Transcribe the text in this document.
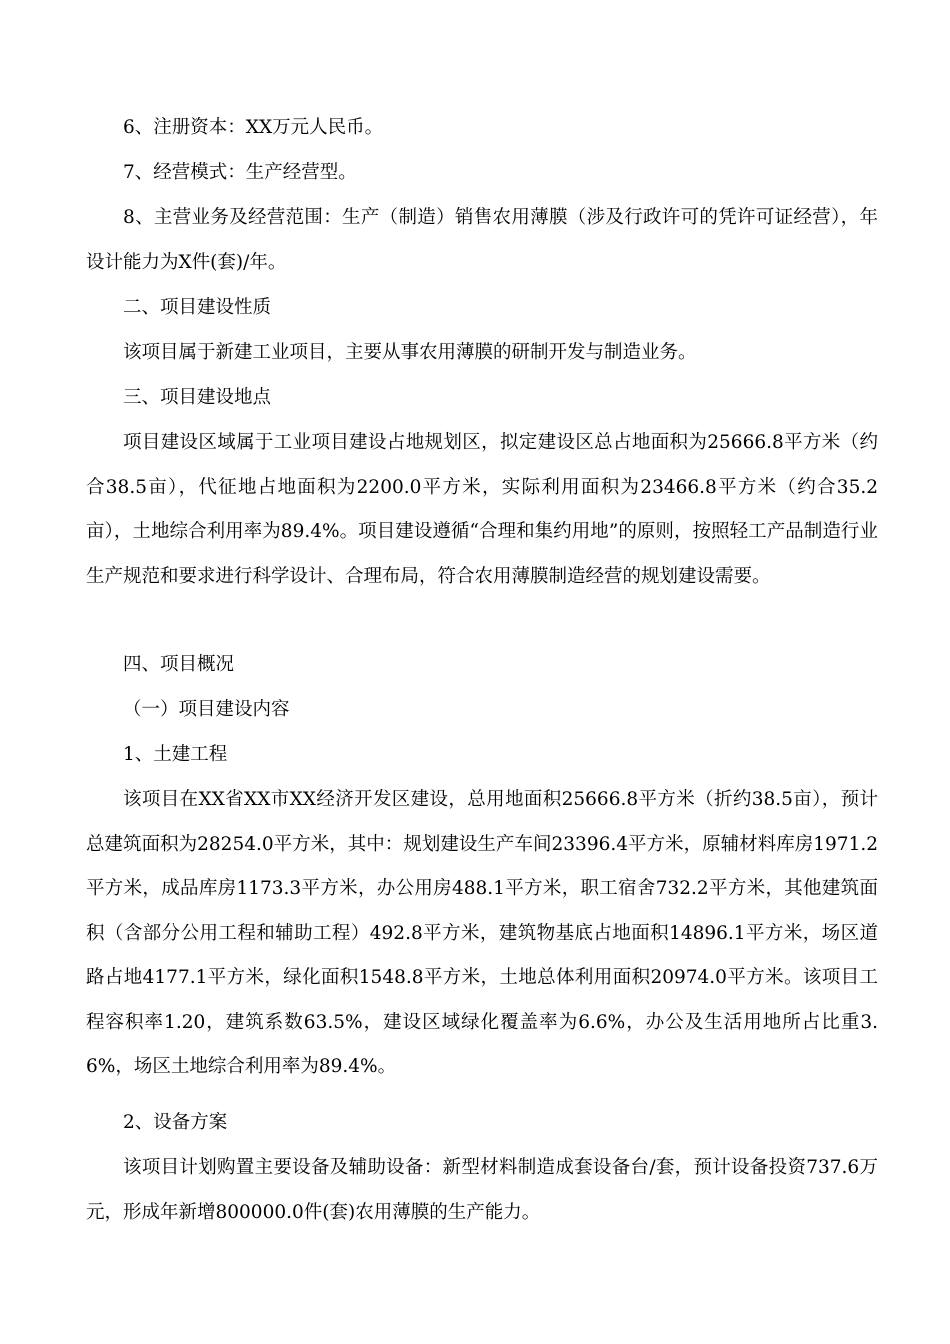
6、注册资本：XX万元人民币。

7、经营模式：生产经营型。

8、主营业务及经营范围：生产（制造）销售农用薄膜（涉及行政许可的凭许可证经营），年设计能力为X件(套)/年。

二、项目建设性质

该项目属于新建工业项目，主要从事农用薄膜的研制开发与制造业务。

三、项目建设地点

项目建设区域属于工业项目建设占地规划区，拟定建设区总占地面积为25666.8平方米（约合38.5亩），代征地占地面积为2200.0平方米，实际利用面积为23466.8平方米（约合35.2亩），土地综合利用率为89.4%。项目建设遵循“合理和集约用地”的原则，按照轻工产品制造行业生产规范和要求进行科学设计、合理布局，符合农用薄膜制造经营的规划建设需要。

四、项目概况

（一）项目建设内容

1、土建工程

该项目在XX省XX市XX经济开发区建设，总用地面积25666.8平方米（折约38.5亩），预计总建筑面积为28254.0平方米，其中：规划建设生产车间23396.4平方米，原辅材料库房1971.2平方米，成品库房1173.3平方米，办公用房488.1平方米，职工宿舍732.2平方米，其他建筑面积（含部分公用工程和辅助工程）492.8平方米，建筑物基底占地面积14896.1平方米，场区道路占地4177.1平方米，绿化面积1548.8平方米，土地总体利用面积20974.0平方米。该项目工程容积率1.20，建筑系数63.5%，建设区域绿化覆盖率为6.6%，办公及生活用地所占比重3.6%，场区土地综合利用率为89.4%。

2、设备方案

该项目计划购置主要设备及辅助设备：新型材料制造成套设备台/套，预计设备投资737.6万元，形成年新增800000.0件(套)农用薄膜的生产能力。
